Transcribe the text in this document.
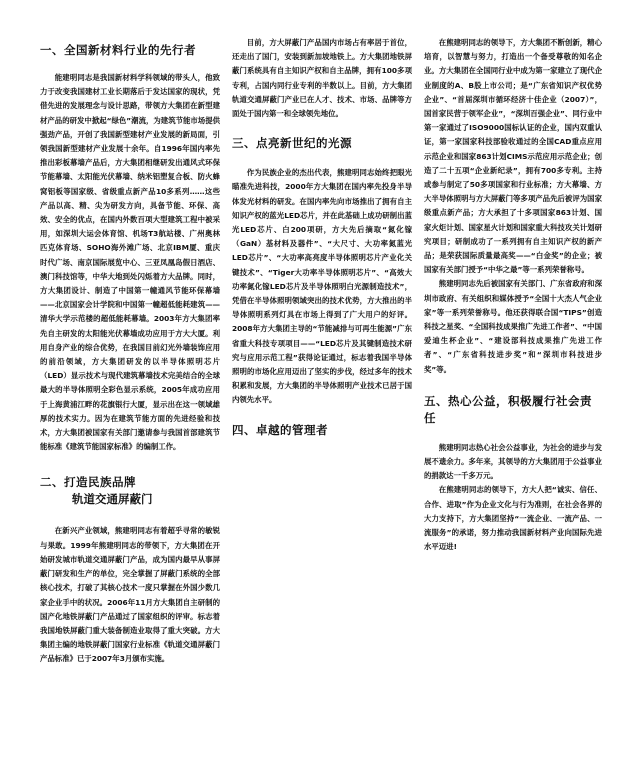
一、全国新材料行业的先行者

能建明同志是我国新材料学科领域的带头人，他致力于改变我国建材工业长期落后于发达国家的现状，凭借先进的发展理念与设计思路，带领方大集团在新型建材产品的研发中掀起“绿色”潮流，为建筑节能市场提供强劲产品，开创了我国新型建材产业发展的新局面，引领我国新型建材产业发展十余年。自1996年国内率先推出彩板幕墙产品后，方大集团相继研发出通风式环保节能幕墙、太阳能光伏幕墙、纳米铝塑复合板、防火蜂窝铝板等国家级、省级重点新产品10多系列……这些产品以高、精、尖为研发方向，具备节能、环保、高效、安全的优点，在国内外数百项大型建筑工程中被采用，如深圳大运会体育馆、机场T3航站楼、广州奥林匹克体育场、SOHO海外滩广场、北京IBM厦、重庆时代广场、南京国际展览中心、三亚凤凰岛假日酒店、澳门科技馆等，中华大地到处闪烁着方大品牌。同时，方大集团设计、制造了中国第一幢通风节能环保幕墙——北京国家会计学院和中国第一幢超低能耗建筑——清华大学示范楼的超低能耗幕墙。2003年方大集团率先自主研发的太阳能光伏幕墙成功应用于方大大厦。利用自身产业的综合优势，在我国目前幻光外墙装饰应用的前沿领域，方大集团研发的以半导体照明芯片（LED）显示技术与现代建筑幕墙技术完美结合的全球最大的半导体照明全彩色显示系统，2005年成功应用于上海黄浦江畔的花旗银行大厦，显示出在这一领域雄厚的技术实力。因为在建筑节能方面的先进经验和技术，方大集团被国家有关部门邀请参与我国首部建筑节能标准《建筑节能国家标准》的编制工作。

二、打造民族品牌
轨道交通屏蔽门

在新兴产业领域，熊建明同志有着超乎寻常的敏锐与果敢。1999年熊建明同志的带领下，方大集团在开始研发城市轨道交通屏蔽门产品，成为国内最早从事屏蔽门研发和生产的单位，完全掌握了屏蔽门系统的全部核心技术，打破了其核心技术一度只掌握在外国少数几家企业手中的状况。2006年11月方大集团自主研制的国产化地铁屏蔽门产品通过了国家组织的评审。标志着我国地铁屏蔽门重大装备制造业取得了重大突破。方大集团主编的地铁屏蔽门国家行业标准《轨道交通屏蔽门产品标准》已于2007年3月颁布实施。

目前，方大屏蔽门产品国内市场占有率居于首位，还走出了国门，安装到新加坡地铁上。方大集团地铁屏蔽门系统具有自主知识产权和自主品牌，拥有100多项专利，占国内同行业专利的半数以上。目前，方大集团轨道交通屏蔽门产业已在人才、技术、市场、品牌等方面处于国内第一和全球领先地位。

三、点亮新世纪的光源

作为民族企业的杰出代表，熊建明同志始终把眼光瞄准先进科技，2000年方大集团在国内率先投身半导体发光材料的研发。在国内率先向市场推出了拥有自主知识产权的蓝光LED芯片，并在此基础上成功研制出蓝光LED芯片、白200项研，方大先后摘取“氮化镓（GaN）基材料及器件”、“大尺寸、大功率氮蓝光LED芯片”、“大功率高亮度半导体照明芯片产业化关键技术”、“Tiger大功率半导体照明芯片”、“高效大功率氮化镓LED芯片及半导体照明白光源制造技术”，凭借在半导体照明领域突出的技术优势，方大推出的半导体照明系列灯具在市场上得到了广大用户的好评。2008年方大集团主导的“节能减排与可再生能源”广东省重大科技专项项目——“LED芯片及其键制造技术研究与应用示范工程”获得论证通过，标志着我国半导体照明的市场化应用迈出了坚实的步伐，经过多年的技术积累和发展，方大集团的半导体照明产业技术已居于国内领先水平。

四、卓越的管理者

在熊建明同志的领导下，方大集团不断创新，精心培育，以智慧与努力，打造出一个备受尊敬的知名企业。方大集团在全国同行业中成为第一家建立了现代企业制度的A、B股上市公司；是“广东省知识产权优势企业”、“首届深圳市循环经济十佳企业（2007）”，国首家民营于领军企业”，“深圳百强企业”、同行业中第一家通过了ISO9000国标认证的企业，国内双重认证，第一家国家科技部验收通过的全国CAD重点应用示范企业和国家863计划CIMS示范应用示范企业；创造了二十五项“企业新纪录”，拥有700多专利。主持或参与制定了50多项国家和行业标准；方大幕墙、方大半导体照明与方大屏蔽门等多项产品先后被评为国家级重点新产品；方大承担了十多项国家863计划、国家火炬计划、国家星火计划和国家重大科技攻关计划研究项目；研制成功了一系列拥有自主知识产权的新产品；是荣获国际质量最高奖——“白金奖”的企业；被国家有关部门授予“中华之最”等一系列荣誉称号。

熊建明同志先后被国家有关部门、广东省政府和深圳市政府、有关组织和媒体授予“全国十大杰人气企业家”等一系列荣誉称号。他还获得联合国“TIPS”创造科技之星奖、“全国科技成果推广先进工作者”、“中国爱迪生杯企业”、“建设部科技成果推广先进工作者”、“广东省科技进步奖”和“深圳市科技进步奖”等。

五、热心公益，积极履行社会责任

熊建明同志热心社会公益事业，为社会的进步与发展不遗余力。多年来，其领导的方大集团用于公益事业的捐款达一千多万元。

在熊建明同志的领导下，方大人把“诚实、信任、合作、进取”作为企业文化与行为准则，在社会各界的大力支持下，方大集团坚持“一流企业、一流产品、一流服务”的承诺，努力推动我国新材料产业向国际先进水平迈进!
